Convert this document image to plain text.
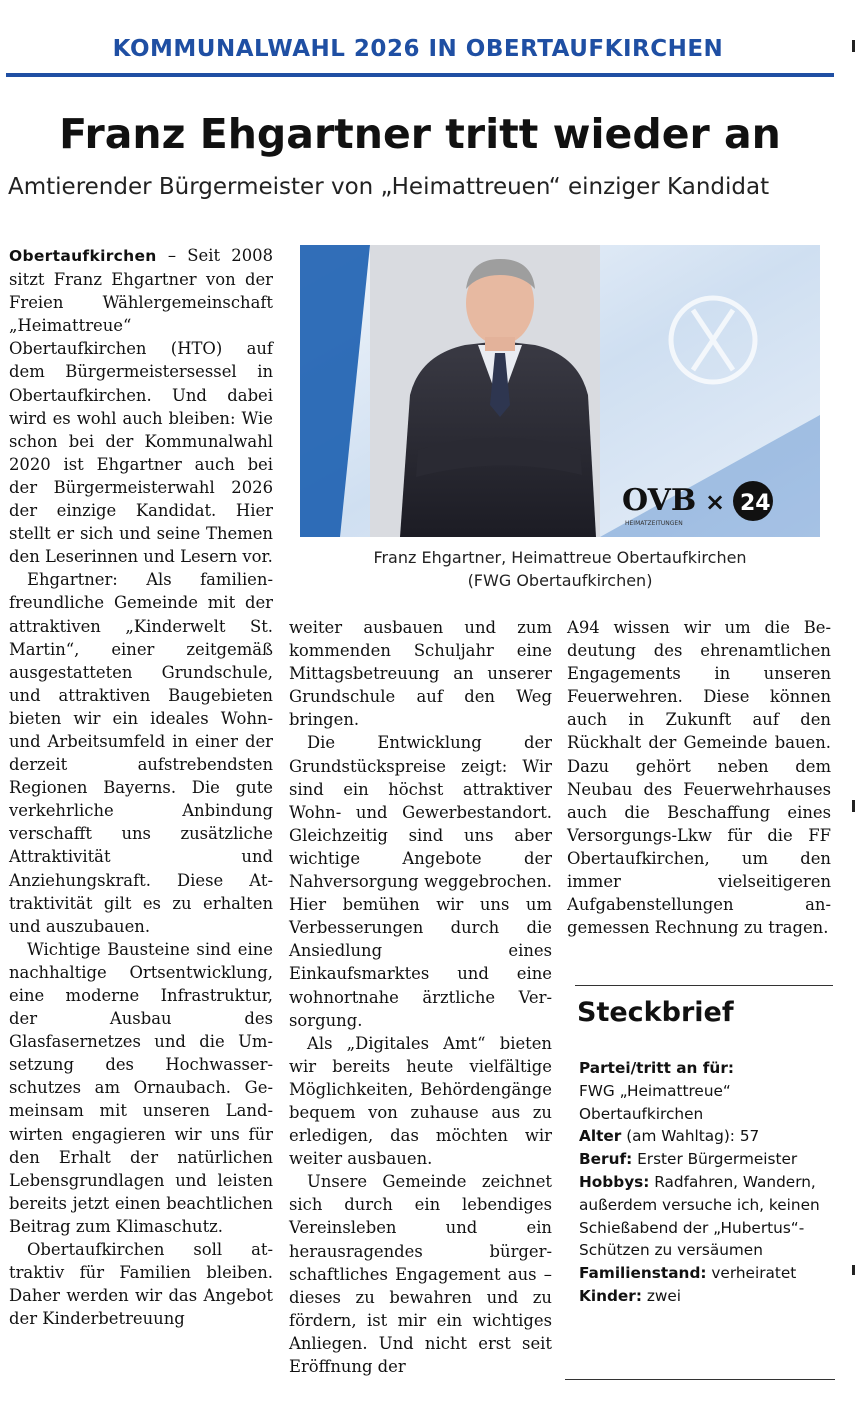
KOMMUNALWAHL 2026 IN OBERTAUFKIRCHEN
Franz Ehgartner tritt wieder an
Amtierender Bürgermeister von „Heimattreuen“ einziger Kandidat

Obertaufkirchen – Seit 2008 sitzt Franz Ehgartner von der Freien Wählergemeinschaft „Heimattreue“ Obertaufkirchen (HTO) auf dem Bürgermeistersessel in Obertaufkirchen. Und dabei wird es wohl auch bleiben: Wie schon bei der Kommunalwahl 2020 ist Ehgartner auch bei der Bürgermeisterwahl 2026 der einzige Kandidat. Hier stellt er sich und seine Themen den Leserinnen und Lesern vor.

Ehgartner: Als familienfreundliche Gemeinde mit der attraktiven „Kinderwelt St. Martin“, einer zeitgemäß ausgestatteten Grundschule, und attraktiven Baugebieten bieten wir ein ideales Wohn- und Arbeitsumfeld in einer der derzeit aufstrebendsten Regionen Bayerns. Die gute verkehrliche Anbindung verschafft uns zusätzliche Attraktivität und Anziehungskraft. Diese Attraktivität gilt es zu erhalten und auszubauen.

Wichtige Bausteine sind eine nachhaltige Ortsentwicklung, eine moderne Infrastruktur, der Ausbau des Glasfasernetzes und die Umsetzung des Hochwasserschutzes am Ornaubach. Gemeinsam mit unseren Landwirten engagieren wir uns für den Erhalt der natürlichen Lebensgrundlagen und leisten bereits jetzt einen beachtlichen Beitrag zum Klimaschutz.

Obertaufkirchen soll attraktiv für Familien bleiben. Daher werden wir das Angebot der Kinderbetreuung

OVB
HEIMATZEITUNGEN
× 24
Franz Ehgartner, Heimattreue Obertaufkirchen
(FWG Obertaufkirchen)

weiter ausbauen und zum kommenden Schuljahr eine Mittagsbetreuung an unserer Grundschule auf den Weg bringen.

Die Entwicklung der Grundstückspreise zeigt: Wir sind ein höchst attraktiver Wohn- und Gewerbestandort. Gleichzeitig sind uns aber wichtige Angebote der Nahversorgung weggebrochen. Hier bemühen wir uns um Verbesserungen durch die Ansiedlung eines Einkaufsmarktes und eine wohnortnahe ärztliche Versorgung.

Als „Digitales Amt“ bieten wir bereits heute vielfältige Möglichkeiten, Behördengänge bequem von zuhause aus zu erledigen, das möchten wir weiter ausbauen.

Unsere Gemeinde zeichnet sich durch ein lebendiges Vereinsleben und ein herausragendes bürgerschaftliches Engagement aus – dieses zu bewahren und zu fördern, ist mir ein wichtiges Anliegen. Und nicht erst seit Eröffnung der

A94 wissen wir um die Bedeutung des ehrenamtlichen Engagements in unseren Feuerwehren. Diese können auch in Zukunft auf den Rückhalt der Gemeinde bauen. Dazu gehört neben dem Neubau des Feuerwehrhauses auch die Beschaffung eines Versorgungs-Lkw für die FF Obertaufkirchen, um den immer vielseitigeren Aufgabenstellungen angemessen Rechnung zu tragen.

Steckbrief
Partei/tritt an für:
FWG „Heimattreue“ Obertaufkirchen
Alter (am Wahltag): 57
Beruf: Erster Bürgermeister
Hobbys: Radfahren, Wandern, außerdem versuche ich, keinen Schießabend der „Hubertus“-Schützen zu versäumen
Familienstand: verheiratet
Kinder: zwei
